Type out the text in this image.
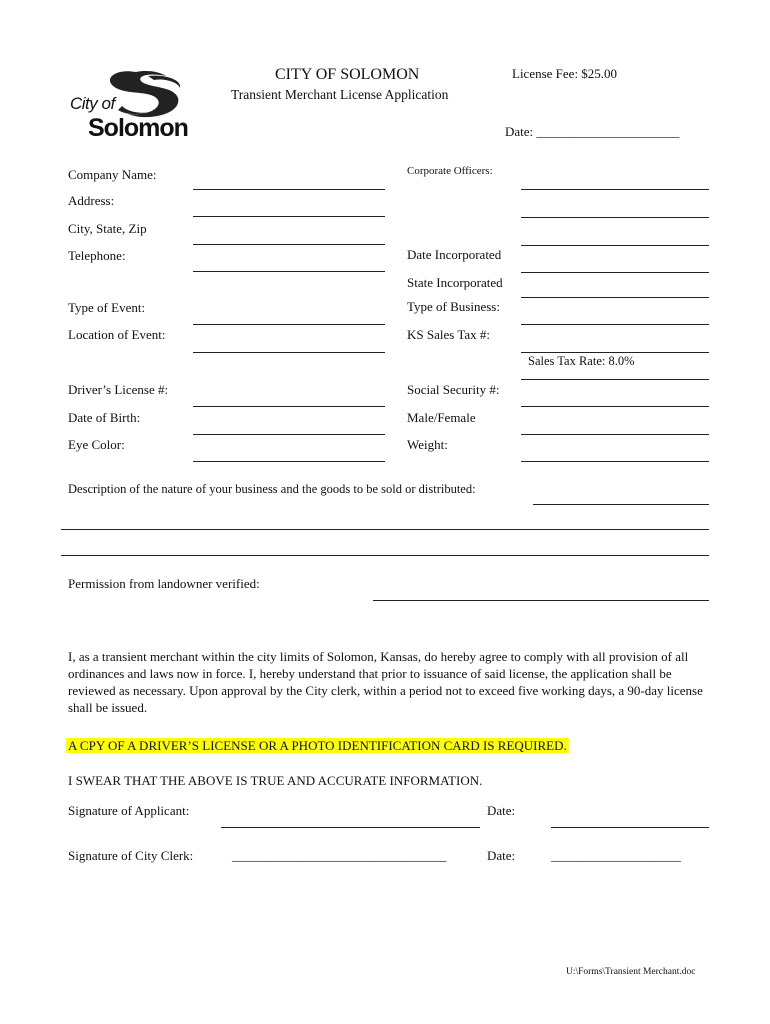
City of
Solomon
CITY OF SOLOMON
Transient Merchant License Application
License Fee: $25.00
Date: ______________________
Company Name:
Address:
City, State, Zip
Telephone:
Type of Event:
Location of Event:
Driver’s License #:
Date of Birth:
Eye Color:
Corporate Officers:
Date Incorporated
State Incorporated
Type of Business:
KS Sales Tax #:
Sales Tax Rate: 8.0%
Social Security #:
Male/Female
Weight:
Description of the nature of your business and the goods to be sold or distributed:
Permission from landowner verified:
I, as a transient merchant within the city limits of Solomon, Kansas, do hereby agree to comply with all provision of all ordinances and laws now in force. I, hereby understand that prior to issuance of said license, the application shall be reviewed as necessary. Upon approval by the City clerk, within a period not to exceed five working days, a 90-day license shall be issued.
A CPY OF A DRIVER’S LICENSE OR A PHOTO IDENTIFICATION CARD IS REQUIRED.
I SWEAR THAT THE ABOVE IS TRUE AND ACCURATE INFORMATION.
Signature of Applicant:	Date:
Signature of City Clerk:	_________________________________	Date:	____________________
U:\Forms\Transient Merchant.doc
